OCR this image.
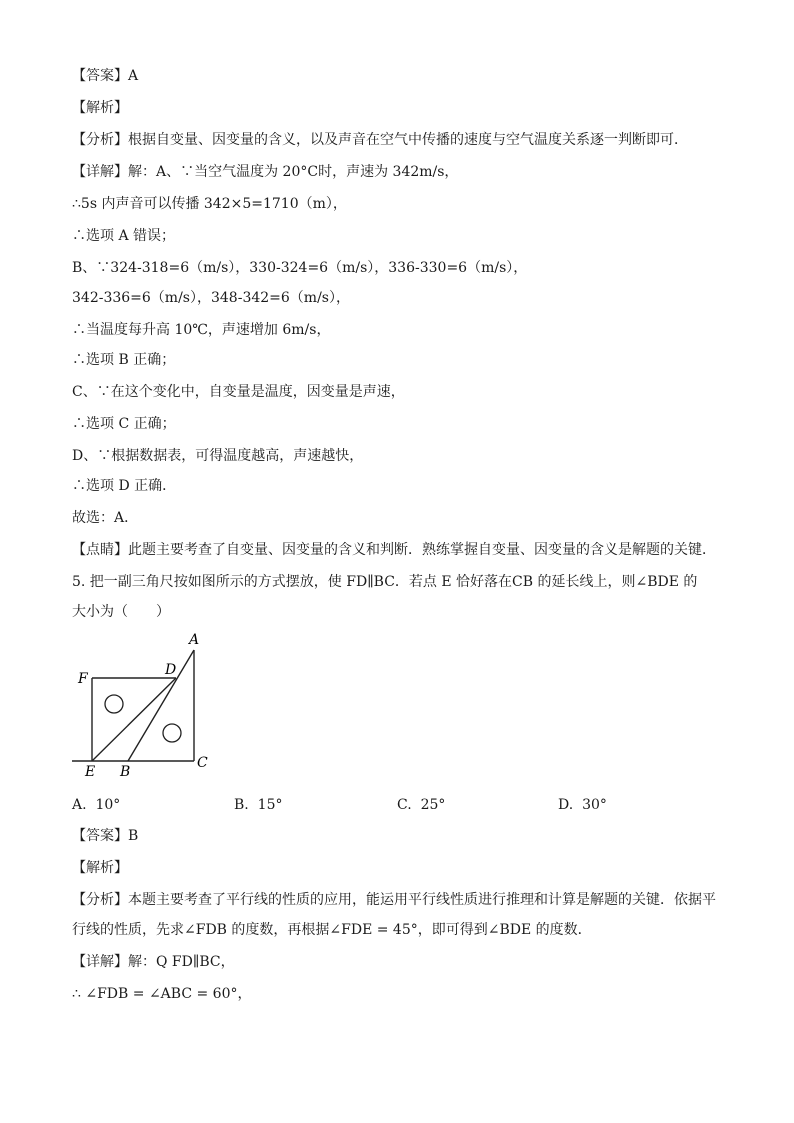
【答案】A
【解析】
【分析】根据自变量、因变量的含义，以及声音在空气中传播的速度与空气温度关系逐一判断即可．
【详解】解：A、∵当空气温度为 20°C时，声速为 342m/s，
∴5s 内声音可以传播 342×5=1710（m），
∴选项 A 错误；
B、∵324-318=6（m/s），330-324=6（m/s），336-330=6（m/s），
342-336=6（m/s），348-342=6（m/s），
∴当温度每升高 10℃，声速增加 6m/s，
∴选项 B 正确；
C、∵在这个变化中，自变量是温度，因变量是声速，
∴选项 C 正确；
D、∵根据数据表，可得温度越高，声速越快，
∴选项 D 正确．
故选：A．
【点睛】此题主要考查了自变量、因变量的含义和判断．熟练掌握自变量、因变量的含义是解题的关键．
5. 把一副三角尺按如图所示的方式摆放，使 FD∥BC．若点 E 恰好落在CB 的延长线上，则∠BDE 的
大小为（　　）
A
D
F
E B
C
A. 10°	B. 15°	C. 25°	D. 30°
【答案】B
【解析】
【分析】本题主要考查了平行线的性质的应用，能运用平行线性质进行推理和计算是解题的关键．依据平
行线的性质，先求∠FDB 的度数，再根据∠FDE = 45°，即可得到∠BDE 的度数．
【详解】解：Q FD∥BC，
∴ ∠FDB = ∠ABC = 60°，
